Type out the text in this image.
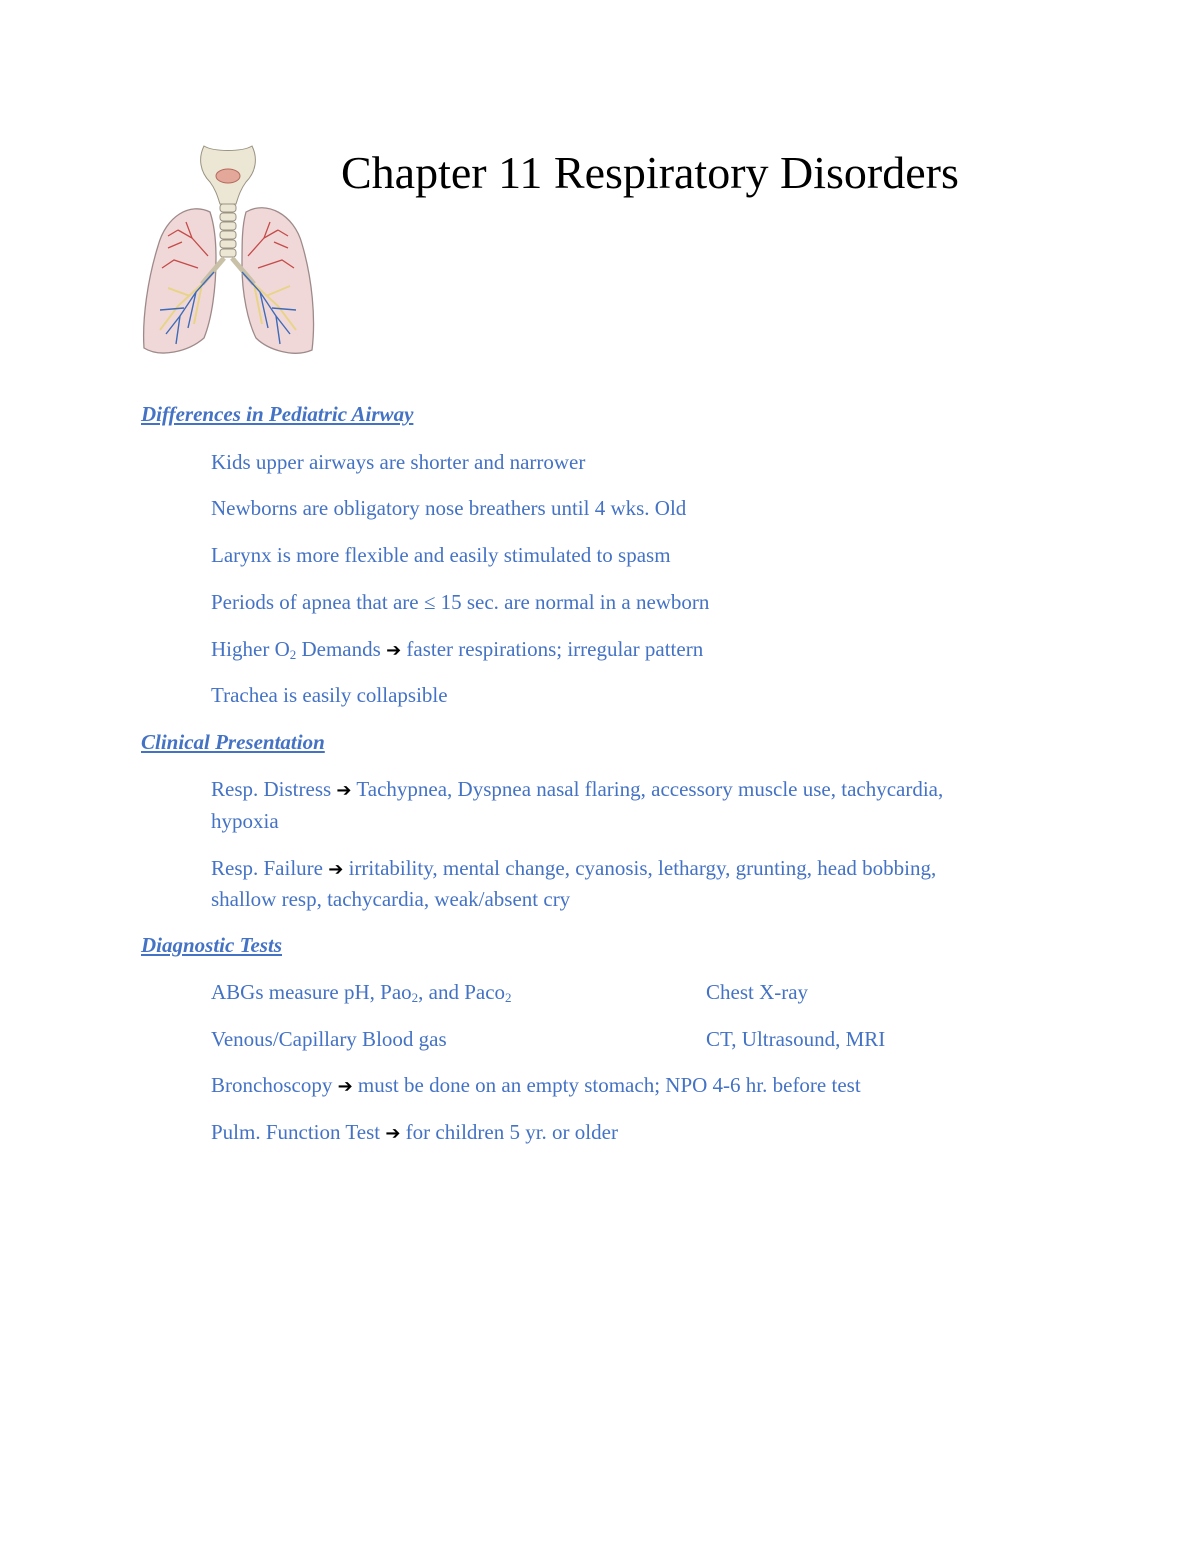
Chapter 11 Respiratory Disorders
Differences in Pediatric Airway
Kids upper airways are shorter and narrower
Newborns are obligatory nose breathers until 4 wks. Old
Larynx is more flexible and easily stimulated to spasm
Periods of apnea that are ≤ 15 sec. are normal in a newborn
Higher $O_2$ Demands ➔ faster respirations; irregular pattern
Trachea is easily collapsible
Clinical Presentation
Resp. Distress ➔ Tachypnea, Dyspnea nasal flaring, accessory muscle use, tachycardia,
hypoxia
Resp. Failure ➔ irritability, mental change, cyanosis, lethargy, grunting, head bobbing,
shallow resp, tachycardia, weak/absent cry
Diagnostic Tests
ABGs measure pH, Pao$_2$, and Paco$_2$	Chest X-ray
Venous/Capillary Blood gas	CT, Ultrasound, MRI
Bronchoscopy ➔ must be done on an empty stomach; NPO 4-6 hr. before test
Pulm. Function Test ➔ for children 5 yr. or older
